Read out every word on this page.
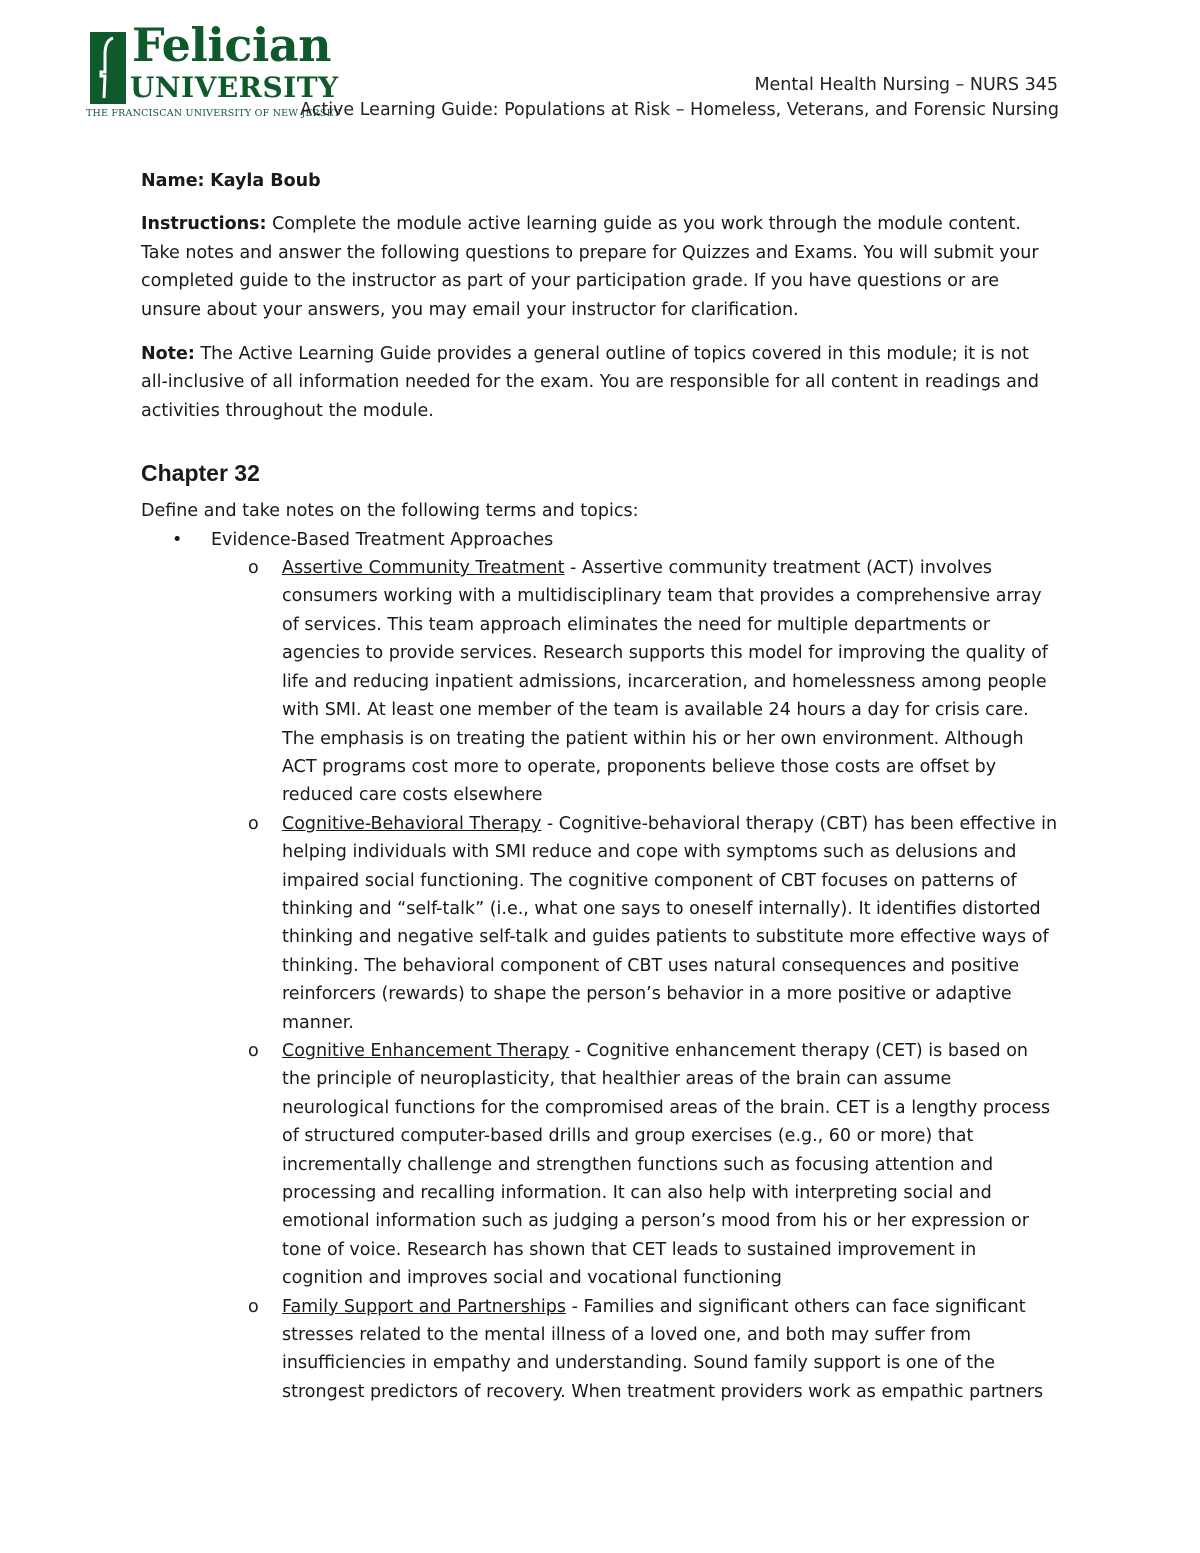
Felician
UNIVERSITY
THE FRANCISCAN UNIVERSITY OF NEW JERSEY
Mental Health Nursing – NURS 345
Active Learning Guide: Populations at Risk – Homeless, Veterans, and Forensic Nursing

Name: Kayla Boub

Instructions: Complete the module active learning guide as you work through the module content. Take notes and answer the following questions to prepare for Quizzes and Exams. You will submit your completed guide to the instructor as part of your participation grade. If you have questions or are unsure about your answers, you may email your instructor for clarification.

Note: The Active Learning Guide provides a general outline of topics covered in this module; it is not all-inclusive of all information needed for the exam. You are responsible for all content in readings and activities throughout the module.

Chapter 32

Define and take notes on the following terms and topics:

• Evidence-Based Treatment Approaches

o Assertive Community Treatment - Assertive community treatment (ACT) involves consumers working with a multidisciplinary team that provides a comprehensive array of services. This team approach eliminates the need for multiple departments or agencies to provide services. Research supports this model for improving the quality of life and reducing inpatient admissions, incarceration, and homelessness among people with SMI. At least one member of the team is available 24 hours a day for crisis care. The emphasis is on treating the patient within his or her own environment. Although ACT programs cost more to operate, proponents believe those costs are offset by reduced care costs elsewhere

o Cognitive-Behavioral Therapy - Cognitive-behavioral therapy (CBT) has been effective in helping individuals with SMI reduce and cope with symptoms such as delusions and impaired social functioning. The cognitive component of CBT focuses on patterns of thinking and “self-talk” (i.e., what one says to oneself internally). It identifies distorted thinking and negative self-talk and guides patients to substitute more effective ways of thinking. The behavioral component of CBT uses natural consequences and positive reinforcers (rewards) to shape the person’s behavior in a more positive or adaptive manner.

o Cognitive Enhancement Therapy - Cognitive enhancement therapy (CET) is based on the principle of neuroplasticity, that healthier areas of the brain can assume neurological functions for the compromised areas of the brain. CET is a lengthy process of structured computer-based drills and group exercises (e.g., 60 or more) that incrementally challenge and strengthen functions such as focusing attention and processing and recalling information. It can also help with interpreting social and emotional information such as judging a person’s mood from his or her expression or tone of voice. Research has shown that CET leads to sustained improvement in cognition and improves social and vocational functioning

o Family Support and Partnerships - Families and significant others can face significant stresses related to the mental illness of a loved one, and both may suffer from insufficiencies in empathy and understanding. Sound family support is one of the strongest predictors of recovery. When treatment providers work as empathic partners
